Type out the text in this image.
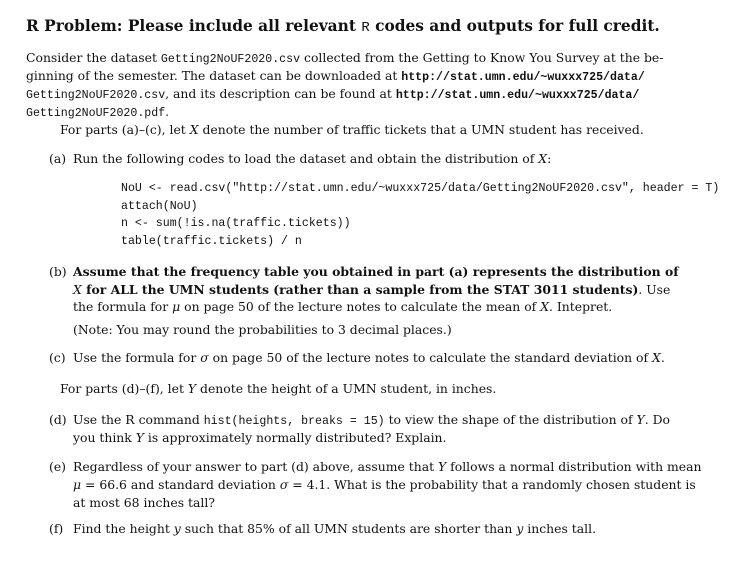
R Problem: Please include all relevant R codes and outputs for full credit.
Consider the dataset Getting2NoUF2020.csv collected from the Getting to Know You Survey at the be-
ginning of the semester. The dataset can be downloaded at http://stat.umn.edu/~wuxxx725/data/
Getting2NoUF2020.csv, and its description can be found at http://stat.umn.edu/~wuxxx725/data/
Getting2NoUF2020.pdf.
For parts (a)–(c), let X denote the number of traffic tickets that a UMN student has received.
(a) Run the following codes to load the dataset and obtain the distribution of X:
NoU <- read.csv("http://stat.umn.edu/~wuxxx725/data/Getting2NoUF2020.csv", header = T)
attach(NoU)
n <- sum(!is.na(traffic.tickets))
table(traffic.tickets) / n
(b) Assume that the frequency table you obtained in part (a) represents the distribution of
X for ALL the UMN students (rather than a sample from the STAT 3011 students). Use
the formula for μ on page 50 of the lecture notes to calculate the mean of X. Intepret.
(Note: You may round the probabilities to 3 decimal places.)
(c) Use the formula for σ on page 50 of the lecture notes to calculate the standard deviation of X.
For parts (d)–(f), let Y denote the height of a UMN student, in inches.
(d) Use the R command hist(heights, breaks = 15) to view the shape of the distribution of Y. Do
you think Y is approximately normally distributed? Explain.
(e) Regardless of your answer to part (d) above, assume that Y follows a normal distribution with mean
μ = 66.6 and standard deviation σ = 4.1. What is the probability that a randomly chosen student is
at most 68 inches tall?
(f) Find the height y such that 85% of all UMN students are shorter than y inches tall.
